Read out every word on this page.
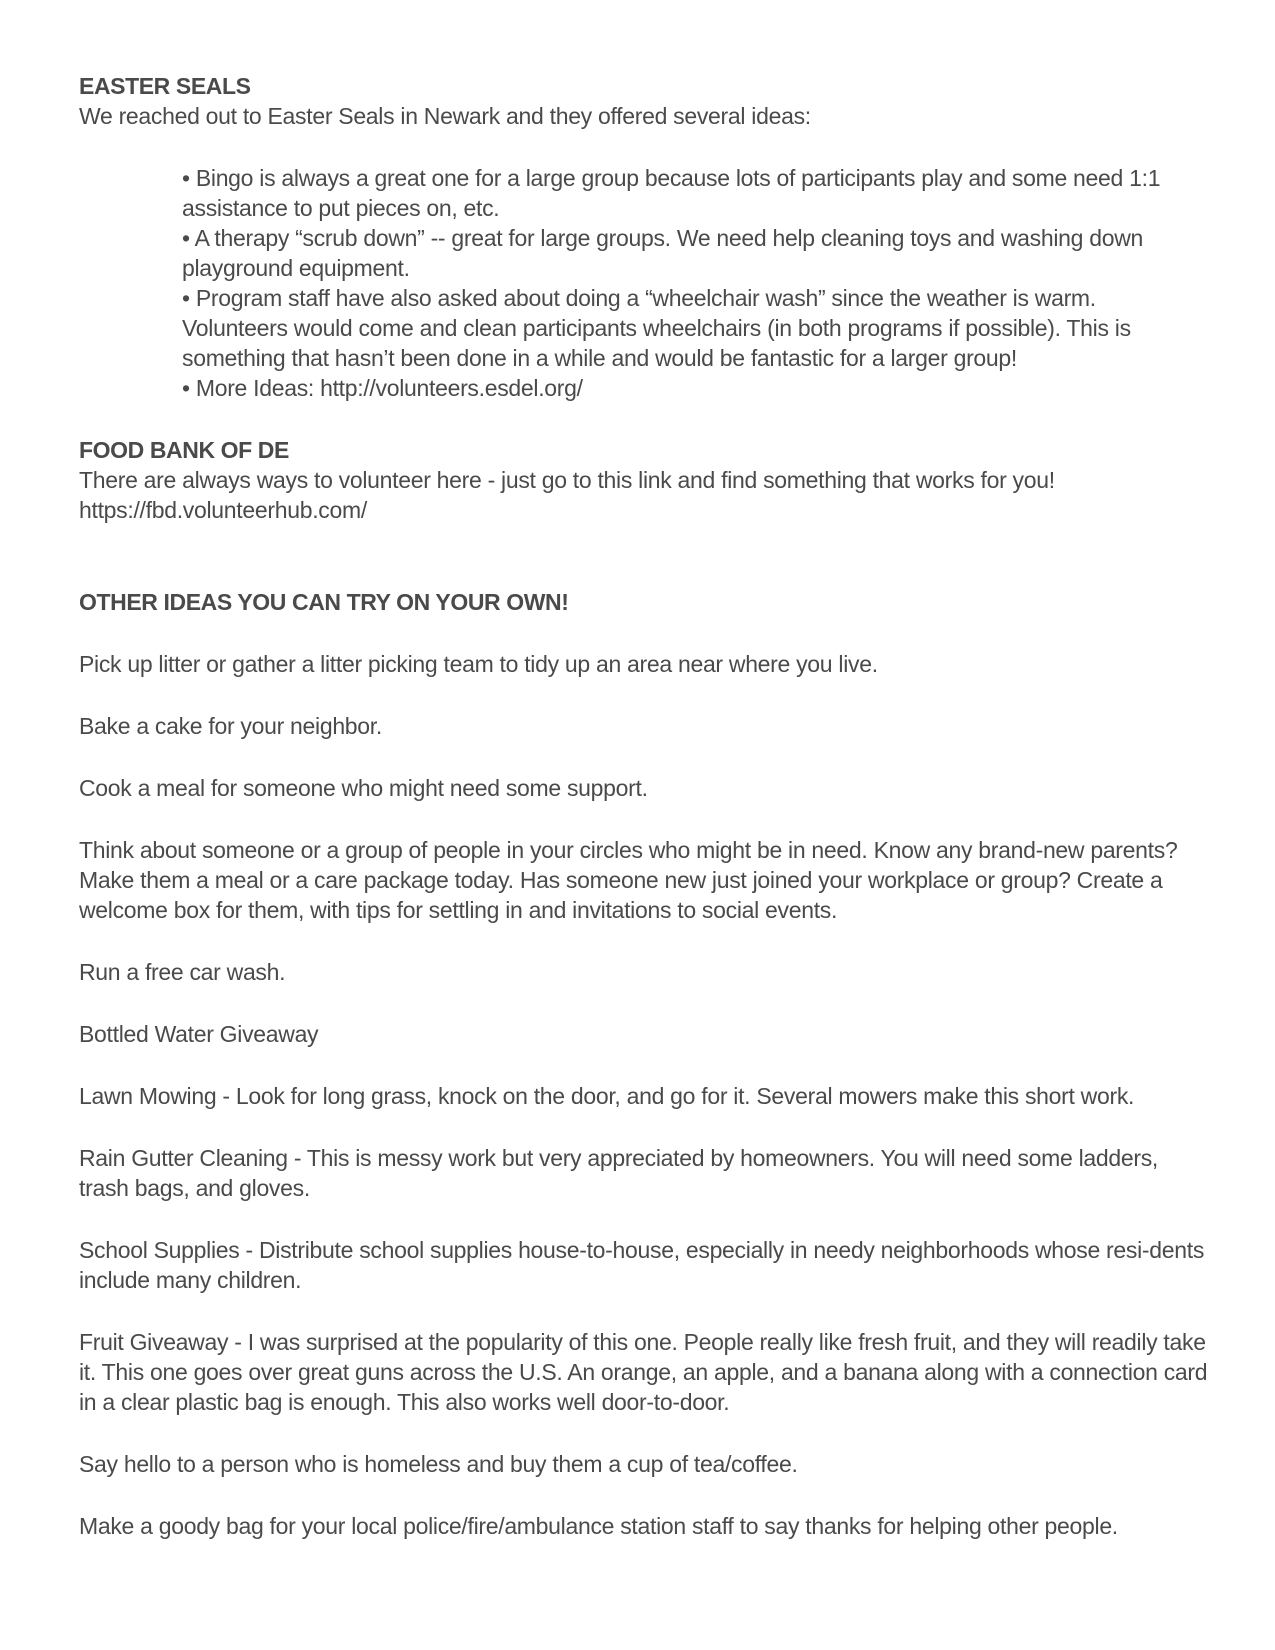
EASTER SEALS

We reached out to Easter Seals in Newark and they offered several ideas:

• Bingo is always a great one for a large group because lots of participants play and some need 1:1 assistance to put pieces on, etc.

• A therapy “scrub down” -- great for large groups. We need help cleaning toys and washing down playground equipment.

• Program staff have also asked about doing a “wheelchair wash” since the weather is warm. Volunteers would come and clean participants wheelchairs (in both programs if possible). This is something that hasn’t been done in a while and would be fantastic for a larger group!

• More Ideas: http://volunteers.esdel.org/

FOOD BANK OF DE

There are always ways to volunteer here - just go to this link and find something that works for you!

https://fbd.volunteerhub.com/

OTHER IDEAS YOU CAN TRY ON YOUR OWN!

Pick up litter or gather a litter picking team to tidy up an area near where you live.

Bake a cake for your neighbor.

Cook a meal for someone who might need some support.

Think about someone or a group of people in your circles who might be in need. Know any brand-new parents? Make them a meal or a care package today. Has someone new just joined your workplace or group? Create a welcome box for them, with tips for settling in and invitations to social events.

Run a free car wash.

Bottled Water Giveaway

Lawn Mowing - Look for long grass, knock on the door, and go for it. Several mowers make this short work.

Rain Gutter Cleaning - This is messy work but very appreciated by homeowners. You will need some ladders, trash bags, and gloves.

School Supplies - Distribute school supplies house-to-house, especially in needy neighborhoods whose resi-dents include many children.

Fruit Giveaway - I was surprised at the popularity of this one. People really like fresh fruit, and they will readily take it. This one goes over great guns across the U.S. An orange, an apple, and a banana along with a connection card in a clear plastic bag is enough. This also works well door-to-door.

Say hello to a person who is homeless and buy them a cup of tea/coffee.

Make a goody bag for your local police/fire/ambulance station staff to say thanks for helping other people.
